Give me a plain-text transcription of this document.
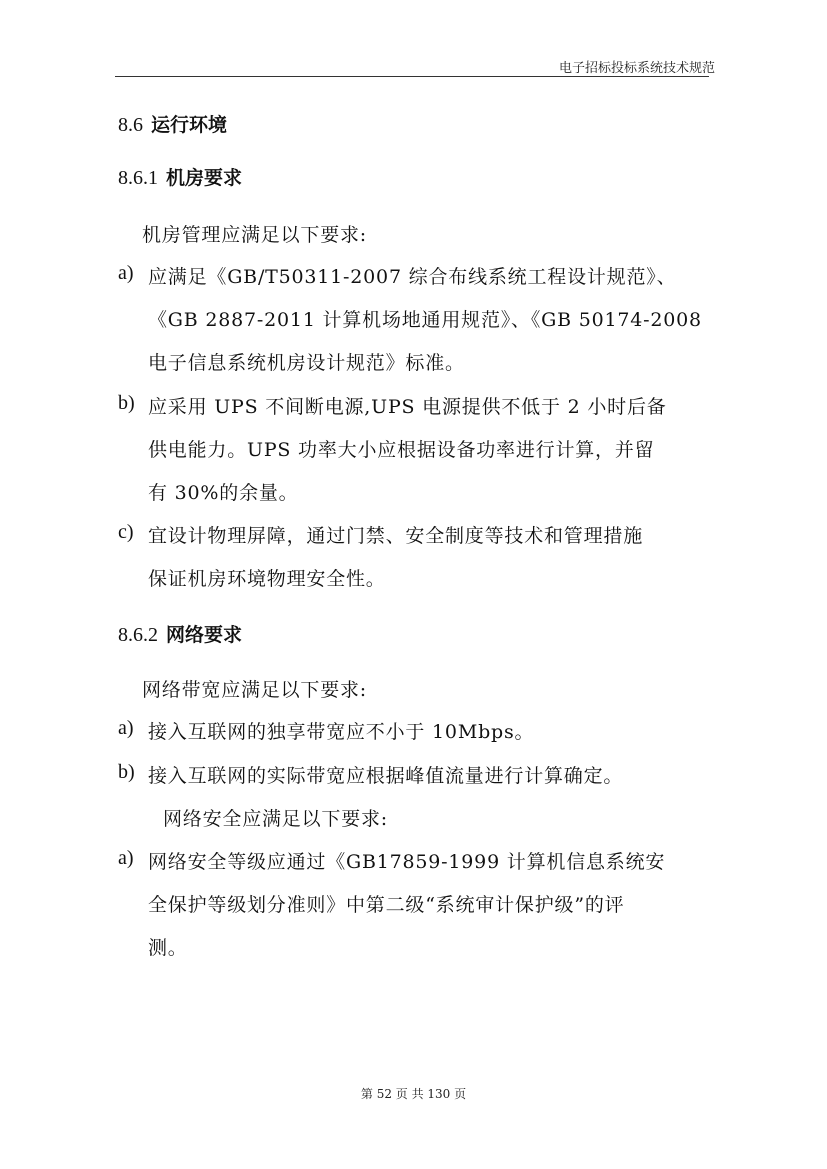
电子招标投标系统技术规范
8.6 运行环境
8.6.1 机房要求
机房管理应满足以下要求:
a) 应满足《GB/T50311-2007 综合布线系统工程设计规范》、
《GB 2887-2011 计算机场地通用规范》、《GB 50174-2008
电子信息系统机房设计规范》标准。
b) 应采用 UPS 不间断电源,UPS 电源提供不低于 2 小时后备
供电能力。UPS 功率大小应根据设备功率进行计算，并留
有 30%的余量。
c) 宜设计物理屏障，通过门禁、安全制度等技术和管理措施
保证机房环境物理安全性。
8.6.2 网络要求
网络带宽应满足以下要求:
a) 接入互联网的独享带宽应不小于 10Mbps。
b) 接入互联网的实际带宽应根据峰值流量进行计算确定。
网络安全应满足以下要求:
a) 网络安全等级应通过《GB17859-1999 计算机信息系统安
全保护等级划分准则》中第二级“系统审计保护级”的评
测。
第 52 页 共 130 页
